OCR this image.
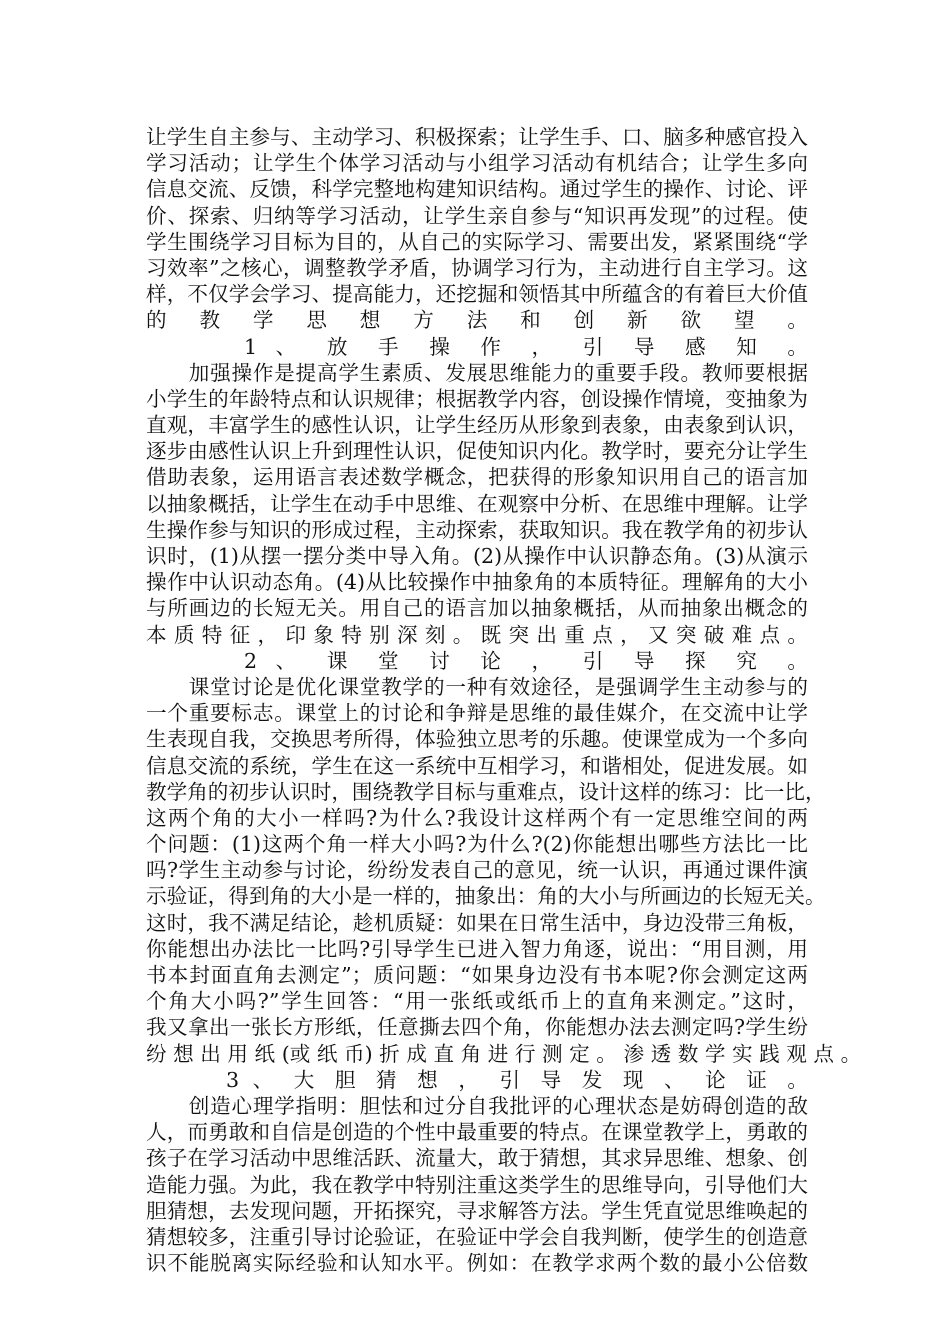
让学生自主参与、主动学习、积极探索；让学生手、口、脑多种感官投入
学习活动；让学生个体学习活动与小组学习活动有机结合；让学生多向
信息交流、反馈，科学完整地构建知识结构。通过学生的操作、讨论、评
价、探索、归纳等学习活动，让学生亲自参与“知识再发现”的过程。使
学生围绕学习目标为目的，从自己的实际学习、需要出发，紧紧围绕“学
习效率”之核心，调整教学矛盾，协调学习行为，主动进行自主学习。这
样，不仅学会学习、提高能力，还挖掘和领悟其中所蕴含的有着巨大价值
的 教 学 思 想 方 法 和 创 新 欲 望 。
1 、 放 手 操 作 ， 引 导 感 知 。
　　加强操作是提高学生素质、发展思维能力的重要手段。教师要根据
小学生的年龄特点和认识规律；根据教学内容，创设操作情境，变抽象为
直观，丰富学生的感性认识，让学生经历从形象到表象，由表象到认识，
逐步由感性认识上升到理性认识，促使知识内化。教学时，要充分让学生
借助表象，运用语言表述数学概念，把获得的形象知识用自己的语言加
以抽象概括，让学生在动手中思维、在观察中分析、在思维中理解。让学
生操作参与知识的形成过程，主动探索，获取知识。我在教学角的初步认
识时，(1)从摆一摆分类中导入角。(2)从操作中认识静态角。(3)从演示
操作中认识动态角。(4)从比较操作中抽象角的本质特征。理解角的大小
与所画边的长短无关。用自己的语言加以抽象概括，从而抽象出概念的
本 质 特 征 ， 印 象 特 别 深 刻 。 既 突 出 重 点 ， 又 突 破 难 点 。
2 、 课 堂 讨 论 ， 引 导 探 究 。
　　课堂讨论是优化课堂教学的一种有效途径，是强调学生主动参与的
一个重要标志。课堂上的讨论和争辩是思维的最佳媒介，在交流中让学
生表现自我，交换思考所得，体验独立思考的乐趣。使课堂成为一个多向
信息交流的系统，学生在这一系统中互相学习，和谐相处，促进发展。如
教学角的初步认识时，围绕教学目标与重难点，设计这样的练习：比一比，
这两个角的大小一样吗?为什么?我设计这样两个有一定思维空间的两
个问题：(1)这两个角一样大小吗?为什么?(2)你能想出哪些方法比一比
吗?学生主动参与讨论，纷纷发表自己的意见，统一认识，再通过课件演
示验证，得到角的大小是一样的，抽象出：角的大小与所画边的长短无关。
这时，我不满足结论，趁机质疑：如果在日常生活中，身边没带三角板，
你能想出办法比一比吗?引导学生已进入智力角逐，说出：“用目测，用
书本封面直角去测定”；质问题：“如果身边没有书本呢?你会测定这两
个角大小吗?”学生回答：“用一张纸或纸币上的直角来测定。”这时，
我又拿出一张长方形纸，任意撕去四个角，你能想办法去测定吗?学生纷
纷 想 出 用 纸 (或 纸 币) 折 成 直 角 进 行 测 定 。 渗 透 数 学 实 践 观 点 。
3 、 大 胆 猜 想 ， 引 导 发 现 、 论 证 。
　　创造心理学指明：胆怯和过分自我批评的心理状态是妨碍创造的敌
人，而勇敢和自信是创造的个性中最重要的特点。在课堂教学上，勇敢的
孩子在学习活动中思维活跃、流量大，敢于猜想，其求异思维、想象、创
造能力强。为此，我在教学中特别注重这类学生的思维导向，引导他们大
胆猜想，去发现问题，开拓探究，寻求解答方法。学生凭直觉思维唤起的
猜想较多，注重引导讨论验证，在验证中学会自我判断，使学生的创造意
识不能脱离实际经验和认知水平。例如：在教学求两个数的最小公倍数
